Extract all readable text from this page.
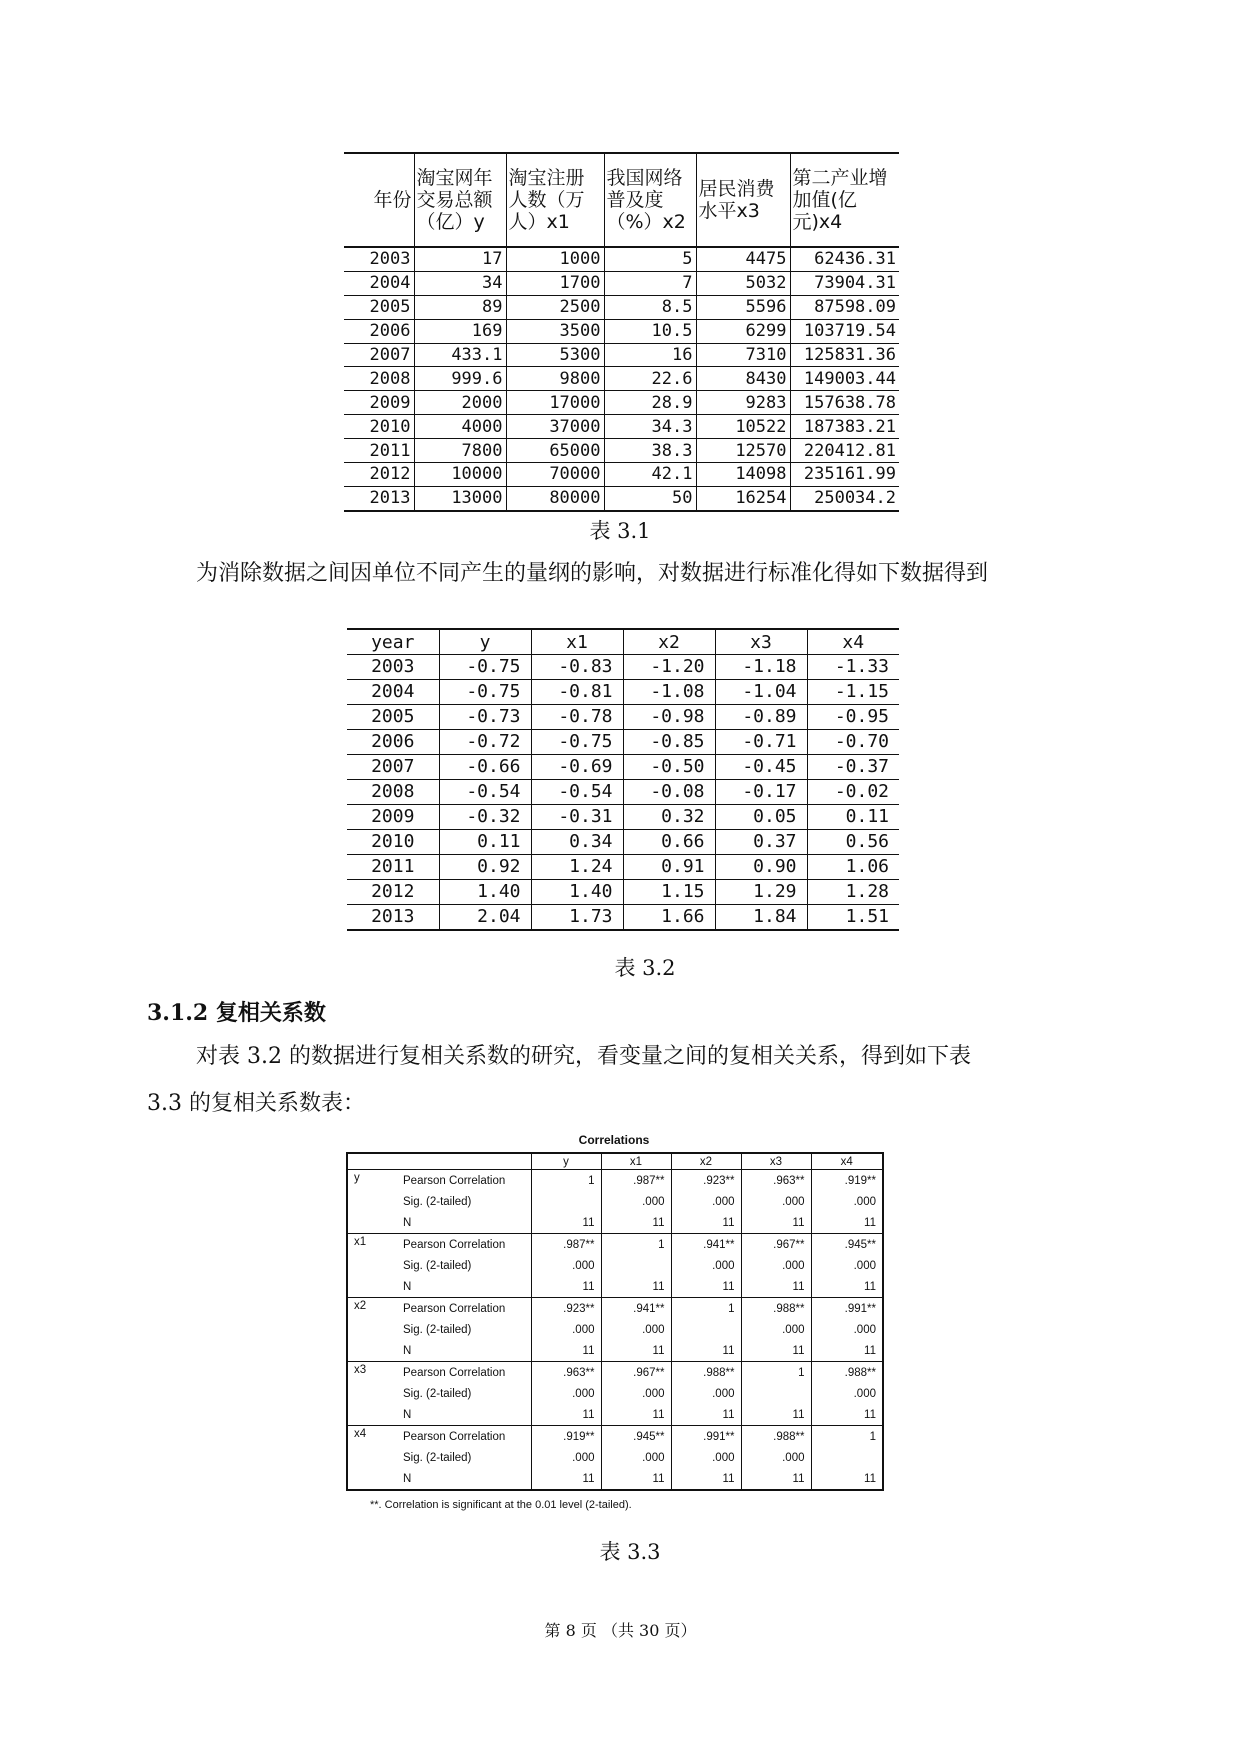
年份	淘宝网年交易总额（亿）y	淘宝注册人数（万人）x1	我国网络普及度（%）x2	居民消费水平x3	第二产业增加值(亿元)x4
2003	17	1000	5	4475	62436.31
2004	34	1700	7	5032	73904.31
2005	89	2500	8.5	5596	87598.09
2006	169	3500	10.5	6299	103719.54
2007	433.1	5300	16	7310	125831.36
2008	999.6	9800	22.6	8430	149003.44
2009	2000	17000	28.9	9283	157638.78
2010	4000	37000	34.3	10522	187383.21
2011	7800	65000	38.3	12570	220412.81
2012	10000	70000	42.1	14098	235161.99
2013	13000	80000	50	16254	250034.2
表 3.1
为消除数据之间因单位不同产生的量纲的影响，对数据进行标准化得如下数据得到
year	y	x1	x2	x3	x4
2003	-0.75	-0.83	-1.20	-1.18	-1.33
2004	-0.75	-0.81	-1.08	-1.04	-1.15
2005	-0.73	-0.78	-0.98	-0.89	-0.95
2006	-0.72	-0.75	-0.85	-0.71	-0.70
2007	-0.66	-0.69	-0.50	-0.45	-0.37
2008	-0.54	-0.54	-0.08	-0.17	-0.02
2009	-0.32	-0.31	0.32	0.05	0.11
2010	0.11	0.34	0.66	0.37	0.56
2011	0.92	1.24	0.91	0.90	1.06
2012	1.40	1.40	1.15	1.29	1.28
2013	2.04	1.73	1.66	1.84	1.51
表 3.2
3.1.2 复相关系数
对表 3.2 的数据进行复相关系数的研究，看变量之间的复相关关系，得到如下表
3.3 的复相关系数表：
Correlations
		y	x1	x2	x3	x4
y	Pearson Correlation	1	.987**	.923**	.963**	.919**
	Sig. (2-tailed)		.000	.000	.000	.000
	N	11	11	11	11	11
x1	Pearson Correlation	.987**	1	.941**	.967**	.945**
	Sig. (2-tailed)	.000		.000	.000	.000
	N	11	11	11	11	11
x2	Pearson Correlation	.923**	.941**	1	.988**	.991**
	Sig. (2-tailed)	.000	.000		.000	.000
	N	11	11	11	11	11
x3	Pearson Correlation	.963**	.967**	.988**	1	.988**
	Sig. (2-tailed)	.000	.000	.000		.000
	N	11	11	11	11	11
x4	Pearson Correlation	.919**	.945**	.991**	.988**	1
	Sig. (2-tailed)	.000	.000	.000	.000	
	N	11	11	11	11	11
**. Correlation is significant at the 0.01 level (2-tailed).
表 3.3
第 8 页 （共 30 页）
